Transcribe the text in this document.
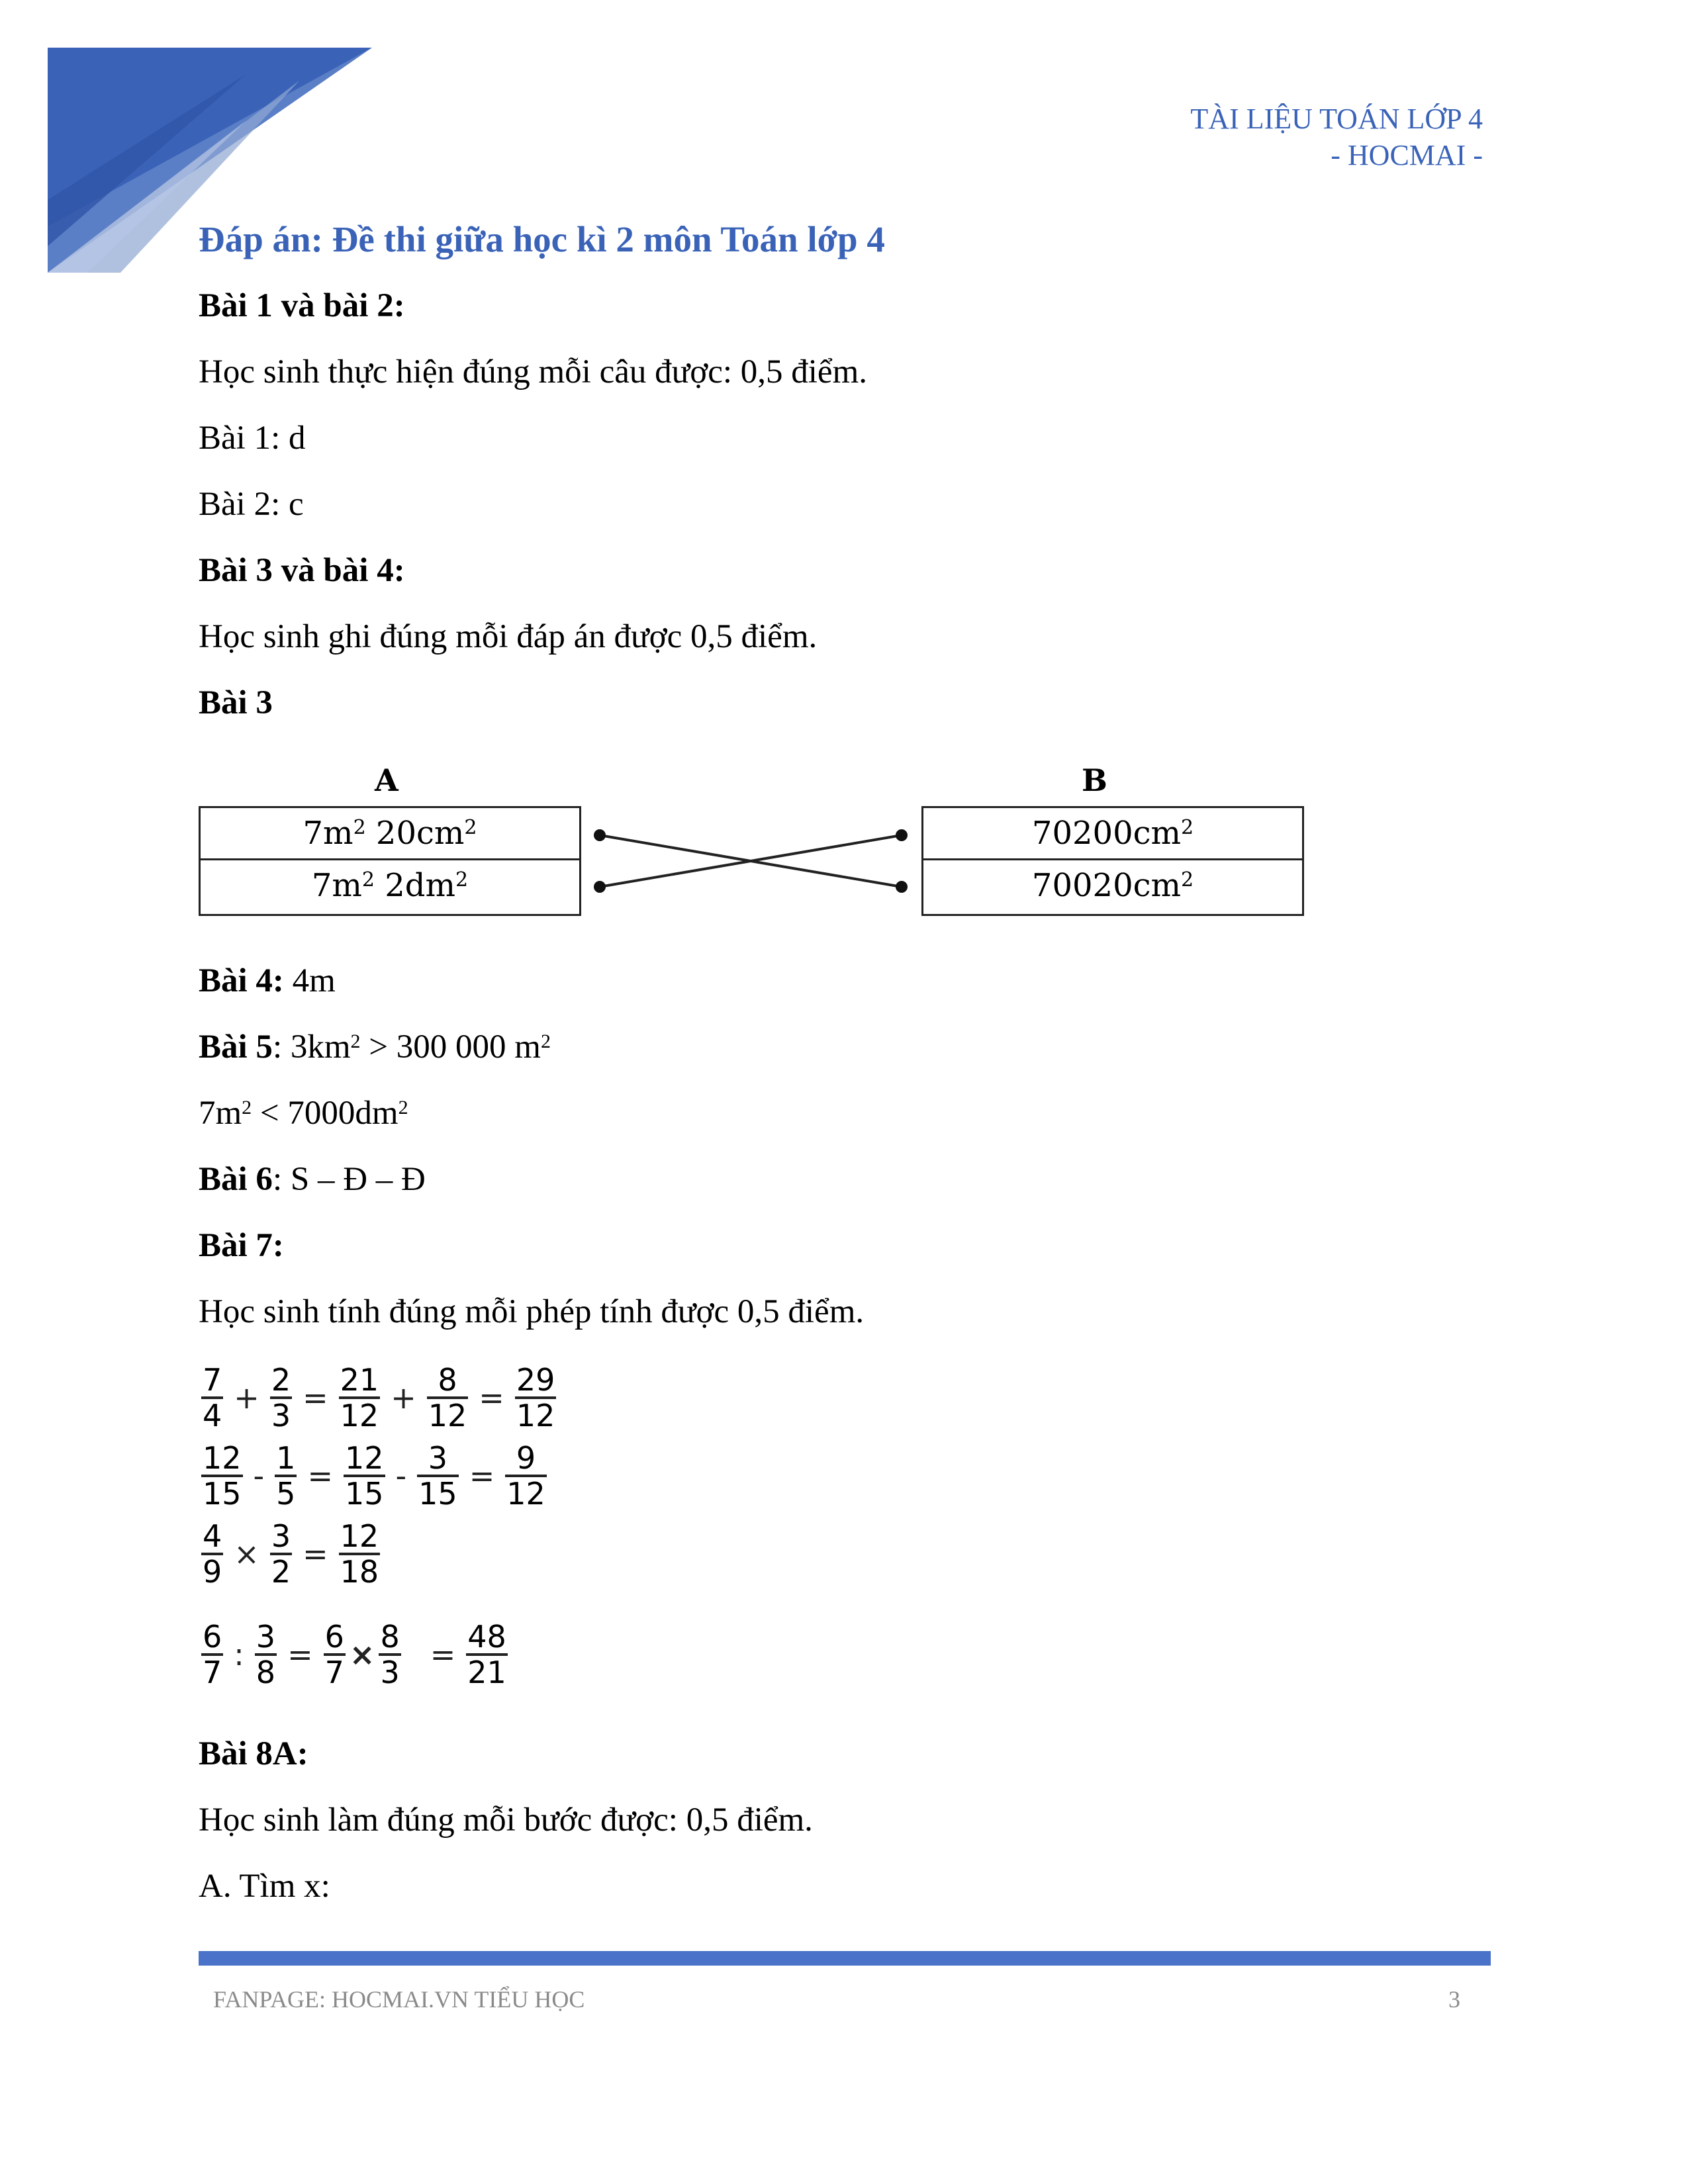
TÀI LIỆU TOÁN LỚP 4
- HOCMAI -
Đáp án: Đề thi giữa học kì 2 môn Toán lớp 4
Bài 1 và bài 2:
Học sinh thực hiện đúng mỗi câu được: 0,5 điểm.
Bài 1: d
Bài 2: c
Bài 3 và bài 4:
Học sinh ghi đúng mỗi đáp án được 0,5 điểm.
Bài 3
A	B
$7m^2$ $20cm^2$
$7m^2$ $2dm^2$
$70200cm^2$
$70020cm^2$
Bài 4: 4m
Bài 5: $3km^2 > 300$ 000 $m^2$
$7m^2 < 7000dm^2$
Bài 6: S – Đ – Đ
Bài 7:
Học sinh tính đúng mỗi phép tính được 0,5 điểm.
$\frac{7}{4} + \frac{2}{3} = \frac{21}{12} + \frac{8}{12} = \frac{29}{12}$
$\frac{12}{15} - \frac{1}{5} = \frac{12}{15} - \frac{3}{15} = \frac{9}{12}$
$\frac{4}{9} \times \frac{3}{2} = \frac{12}{18}$
$\frac{6}{7}$ : $\frac{3}{8} = \frac{6}{7} \times \frac{8}{3} = \frac{48}{21}$
Bài 8A:
Học sinh làm đúng mỗi bước được: 0,5 điểm.
A. Tìm x:
FANPAGE: HOCMAI.VN TIỂU HỌC	3
